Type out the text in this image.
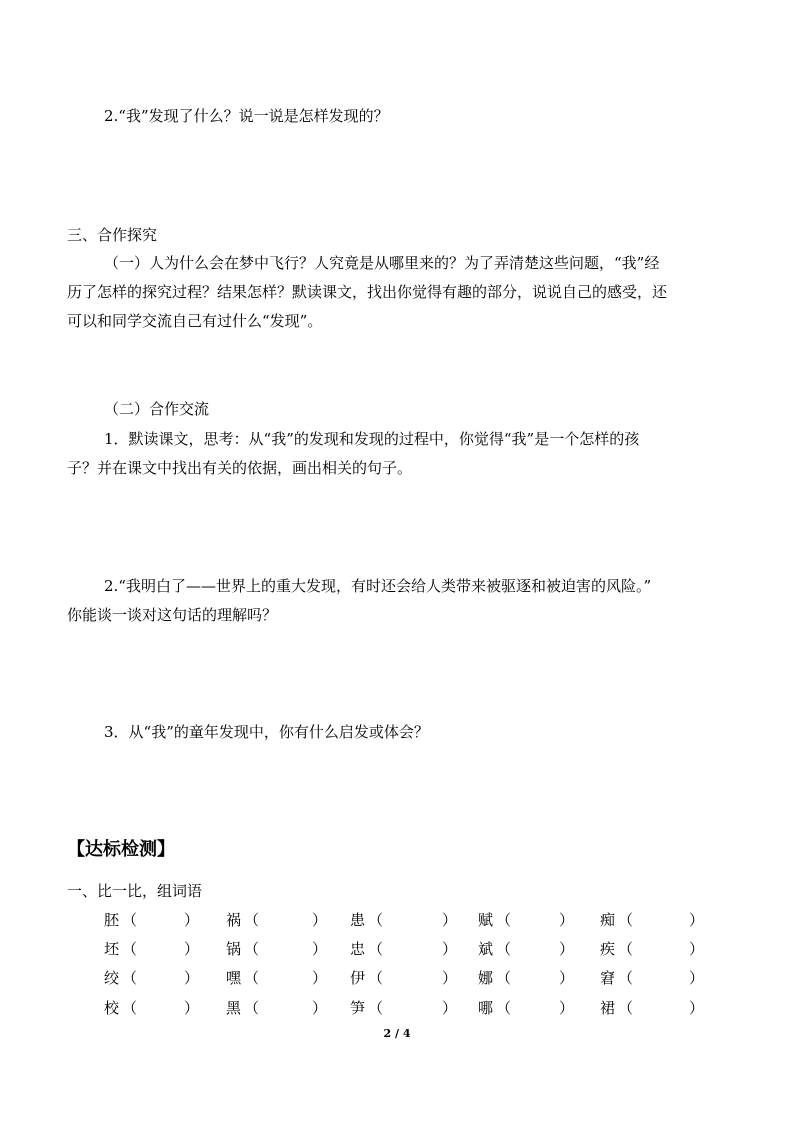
2.“我”发现了什么？说一说是怎样发现的？
三、合作探究
（一）人为什么会在梦中飞行？人究竟是从哪里来的？为了弄清楚这些问题，“我”经
历了怎样的探究过程？结果怎样？默读课文，找出你觉得有趣的部分，说说自己的感受，还
可以和同学交流自己有过什么“发现”。
（二）合作交流
1．默读课文，思考：从“我”的发现和发现的过程中，你觉得“我”是一个怎样的孩
子？并在课文中找出有关的依据，画出相关的句子。
2.“我明白了——世界上的重大发现，有时还会给人类带来被驱逐和被迫害的风险。”
你能谈一谈对这句话的理解吗？
3．从“我”的童年发现中，你有什么启发或体会？
【达标检测】
一、比一比，组词语
胚 （	） 祸 （	） 患 （	） 赋 （	） 痴 （	）
坯 （	） 锅 （	） 忠 （	） 斌 （	） 疾 （	）
绞 （	） 嘿 （	） 伊 （	） 娜 （	） 窘 （	）
校 （	） 黑 （	） 笋 （	） 哪 （	） 裙 （	）
2 / 4
